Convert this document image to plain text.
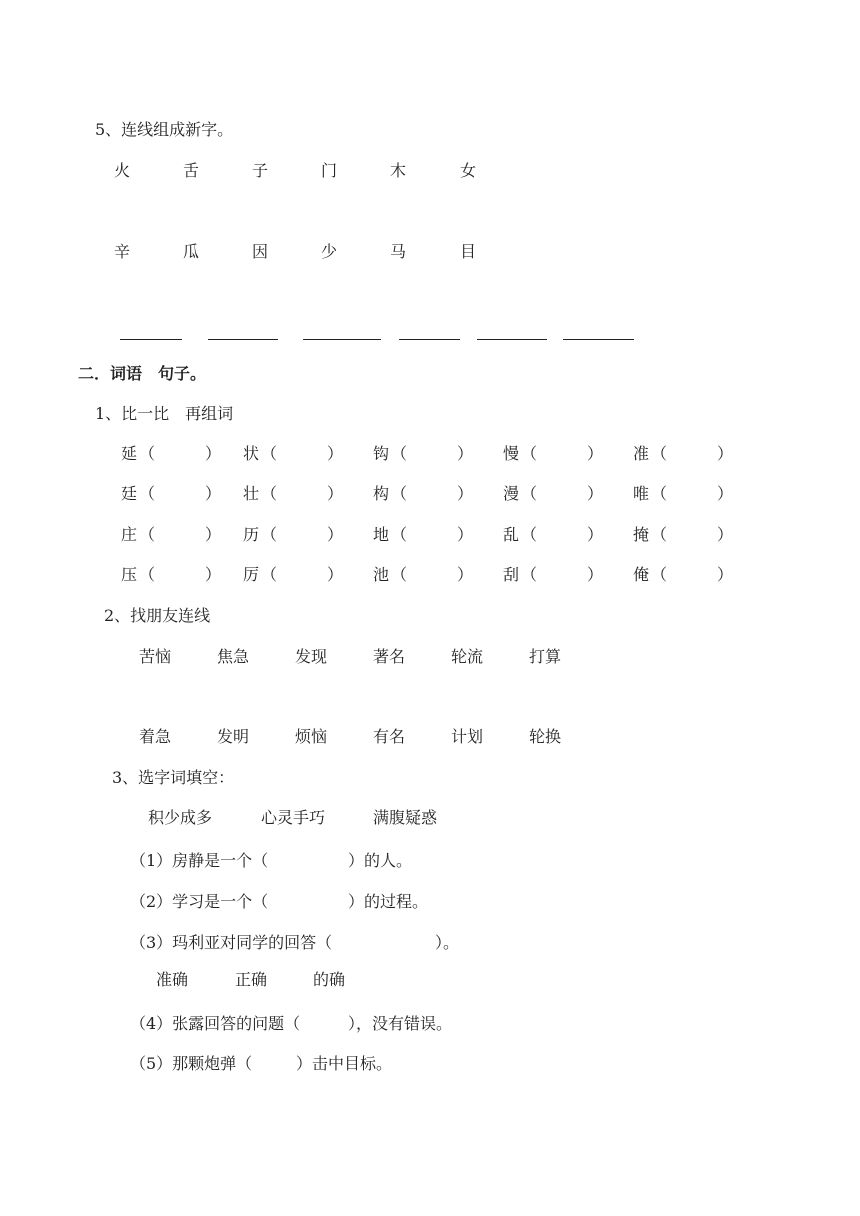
5、连线组成新字。
火	舌	子	门	木	女
辛	瓜	因	少	马	目
二．词语　句子。
1、比一比　再组词
延 （	） 状 （	） 钩 （	） 慢 （	） 准 （	）
廷 （	） 壮 （	） 构 （	） 漫 （	） 唯 （	）
庄 （	） 历 （	） 地 （	） 乱 （	） 掩 （	）
压 （	） 厉 （	） 池 （	） 刮 （	） 俺 （	）
2、找朋友连线
苦恼	焦急	发现	著名	轮流	打算
着急	发明	烦恼	有名	计划	轮换
3、选字词填空：
积少成多	心灵手巧	满腹疑惑
（1）房静是一个（	）的人。
（2）学习是一个（	）的过程。
（3）玛利亚对同学的回答（	）。
准确	正确	的确
（4）张露回答的问题（	），没有错误。
（5）那颗炮弹（	）击中目标。
